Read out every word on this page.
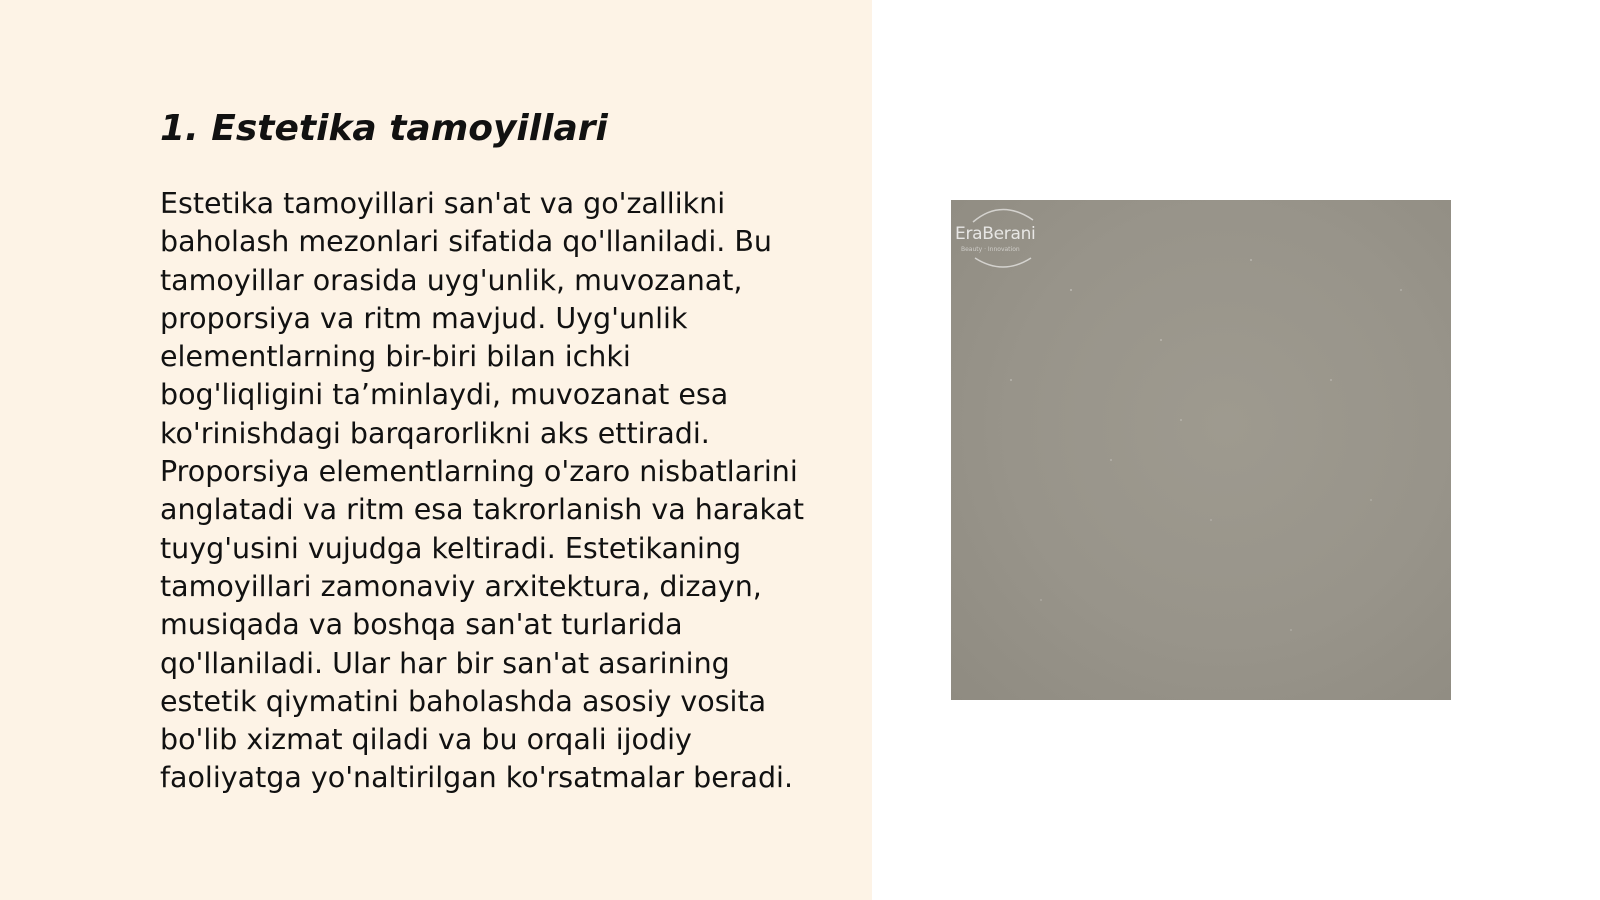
1. Estetika tamoyillari

Estetika tamoyillari san'at va go'zallikni
baholash mezonlari sifatida qo'llaniladi. Bu
tamoyillar orasida uyg'unlik, muvozanat,
proporsiya va ritm mavjud. Uyg'unlik
elementlarning bir-biri bilan ichki
bog'liqligini ta’minlaydi, muvozanat esa
ko'rinishdagi barqarorlikni aks ettiradi.
Proporsiya elementlarning o'zaro nisbatlarini
anglatadi va ritm esa takrorlanish va harakat
tuyg'usini vujudga keltiradi. Estetikaning
tamoyillari zamonaviy arxitektura, dizayn,
musiqada va boshqa san'at turlarida
qo'llaniladi. Ular har bir san'at asarining
estetik qiymatini baholashda asosiy vosita
bo'lib xizmat qiladi va bu orqali ijodiy
faoliyatga yo'naltirilgan ko'rsatmalar beradi.

EraBerani
Beauty · Innovation
